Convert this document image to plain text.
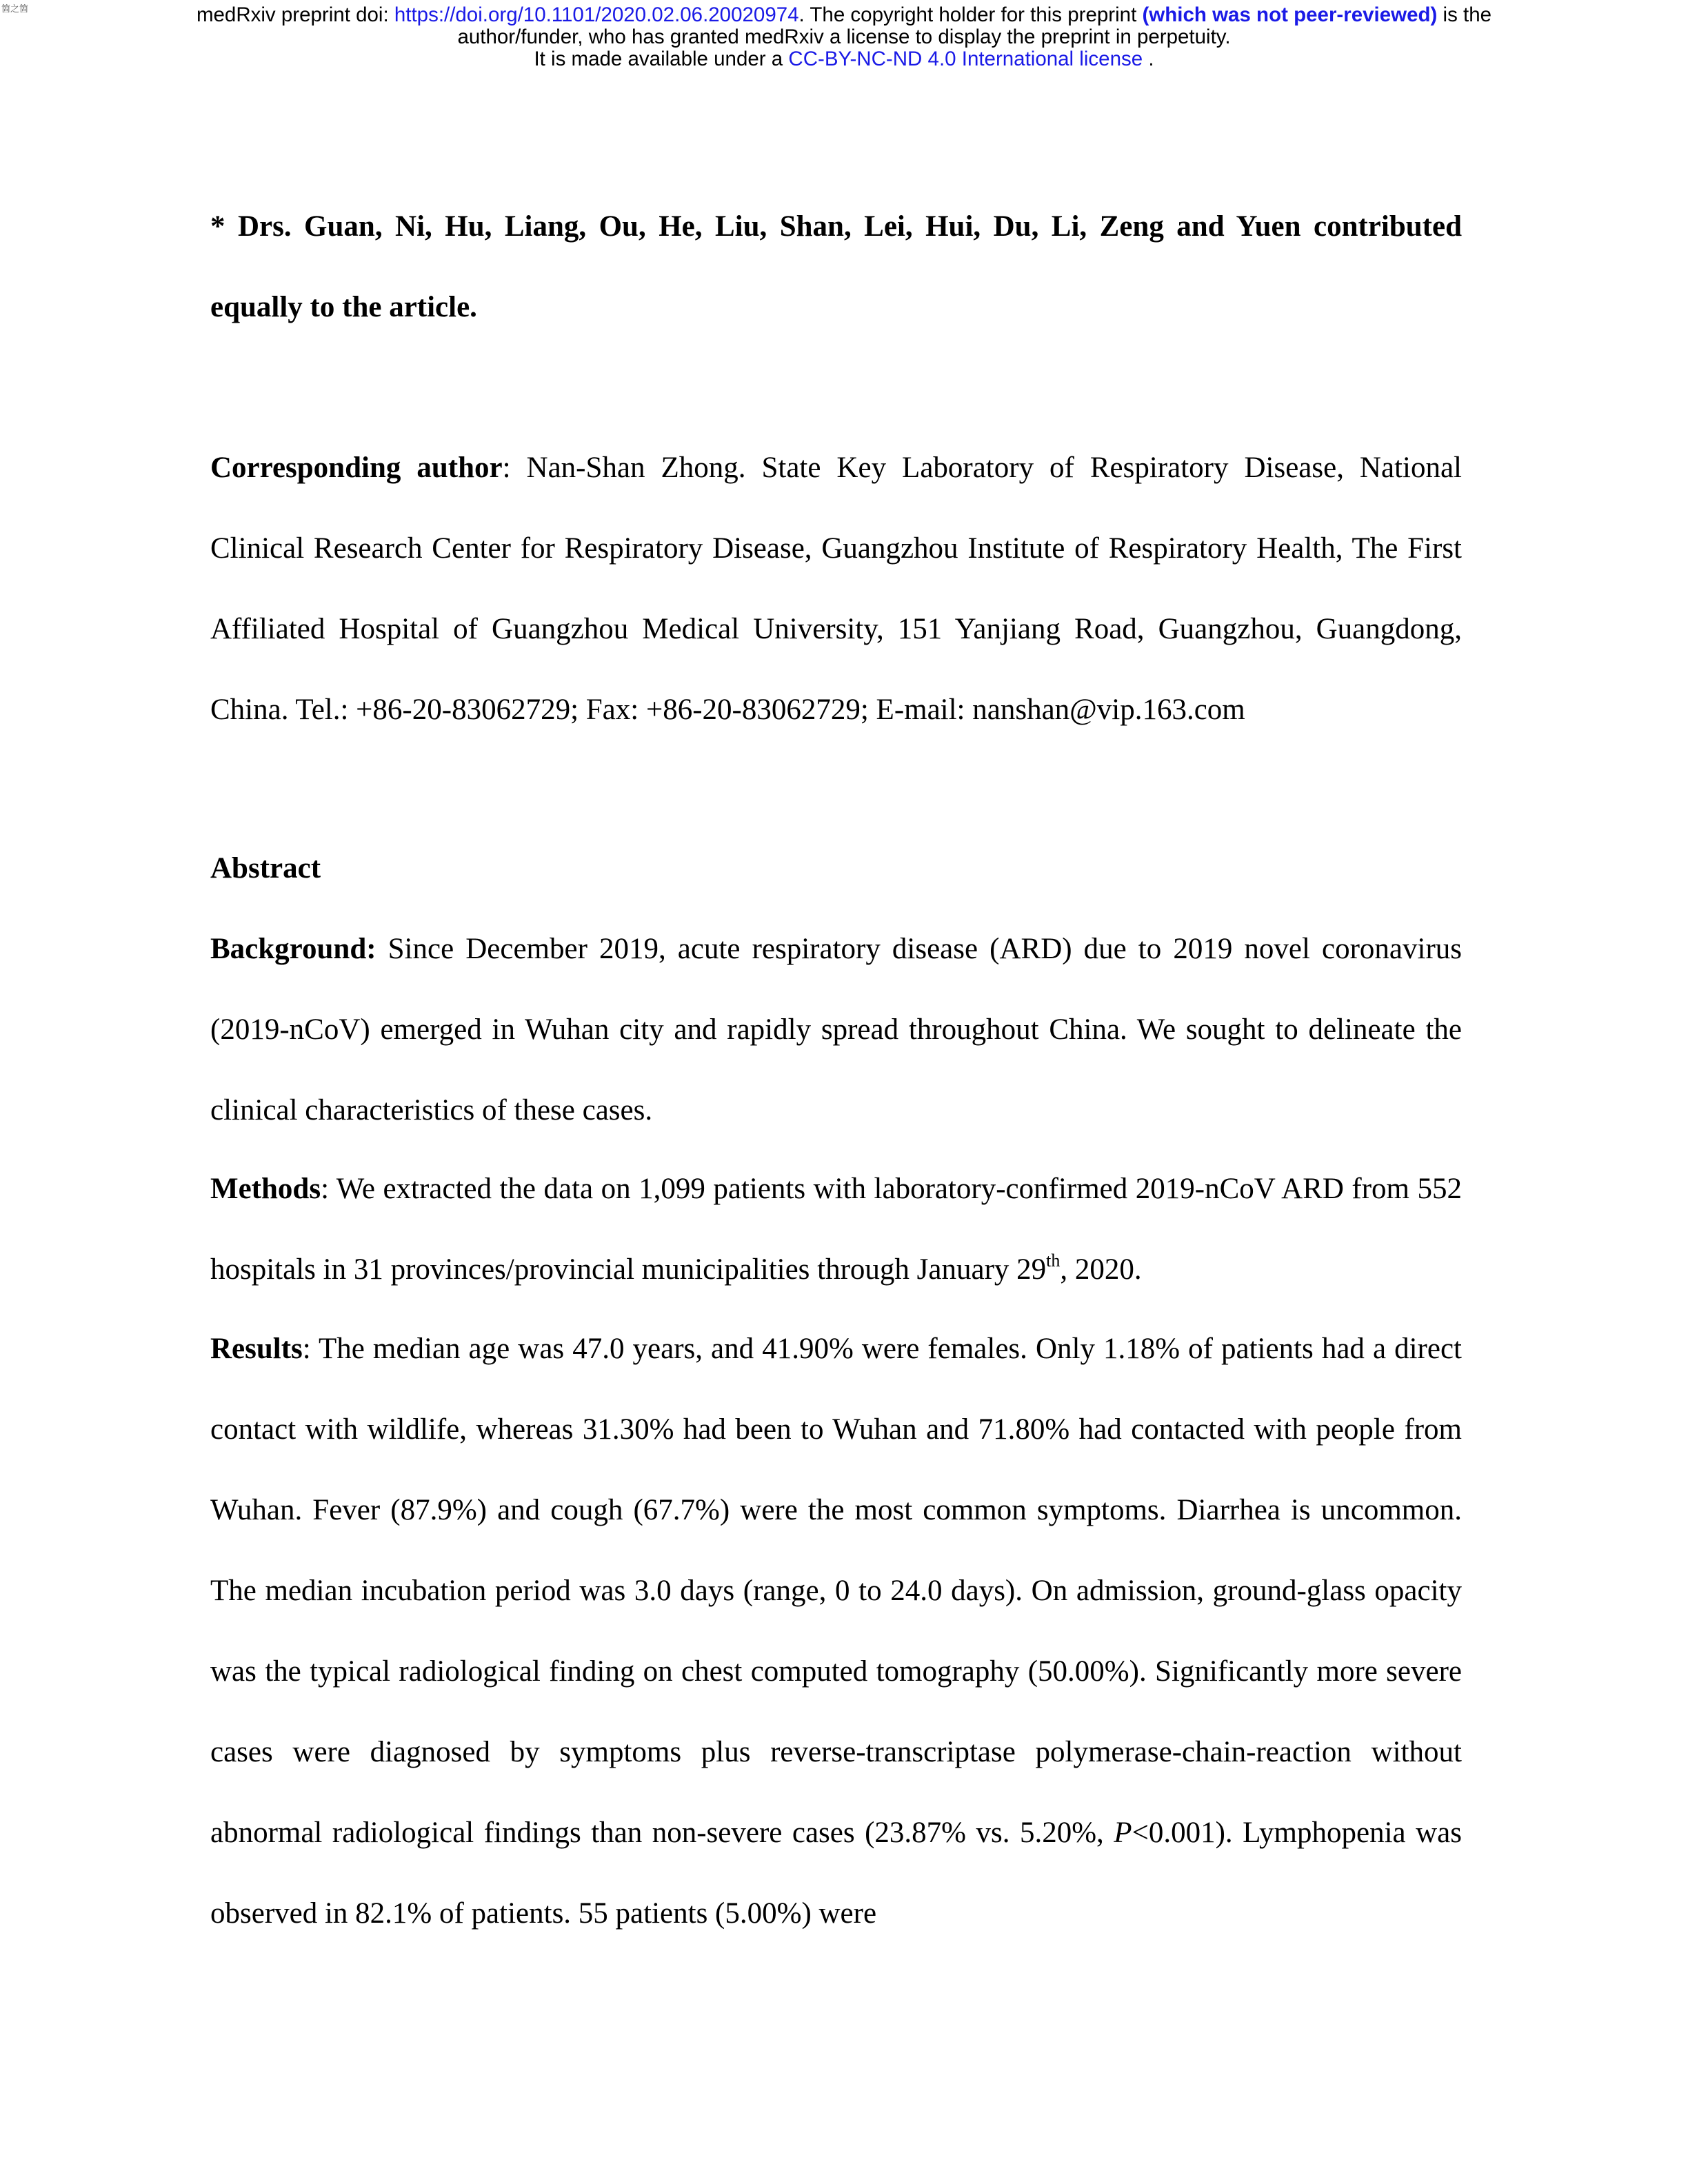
箇之箇	medRxiv preprint doi: https://doi.org/10.1101/2020.02.06.20020974. The copyright holder for this preprint (which was not peer-reviewed) is the
author/funder, who has granted medRxiv a license to display the preprint in perpetuity.
It is made available under a CC-BY-NC-ND 4.0 International license .

* Drs. Guan, Ni, Hu, Liang, Ou, He, Liu, Shan, Lei, Hui, Du, Li, Zeng and Yuen contributed equally to the article.

Corresponding author: Nan-Shan Zhong. State Key Laboratory of Respiratory Disease, National Clinical Research Center for Respiratory Disease, Guangzhou Institute of Respiratory Health, The First Affiliated Hospital of Guangzhou Medical University, 151 Yanjiang Road, Guangzhou, Guangdong, China. Tel.: +86-20-83062729; Fax: +86-20-83062729; E-mail: nanshan@vip.163.com

Abstract

Background: Since December 2019, acute respiratory disease (ARD) due to 2019 novel coronavirus (2019-nCoV) emerged in Wuhan city and rapidly spread throughout China. We sought to delineate the clinical characteristics of these cases.

Methods: We extracted the data on 1,099 patients with laboratory-confirmed 2019-nCoV ARD from 552 hospitals in 31 provinces/provincial municipalities through January 29th, 2020.

Results: The median age was 47.0 years, and 41.90% were females. Only 1.18% of patients had a direct contact with wildlife, whereas 31.30% had been to Wuhan and 71.80% had contacted with people from Wuhan. Fever (87.9%) and cough (67.7%) were the most common symptoms. Diarrhea is uncommon. The median incubation period was 3.0 days (range, 0 to 24.0 days). On admission, ground-glass opacity was the typical radiological finding on chest computed tomography (50.00%). Significantly more severe cases were diagnosed by symptoms plus reverse-transcriptase polymerase-chain-reaction without abnormal radiological findings than non-severe cases (23.87% vs. 5.20%, P<0.001). Lymphopenia was observed in 82.1% of patients. 55 patients (5.00%) were
